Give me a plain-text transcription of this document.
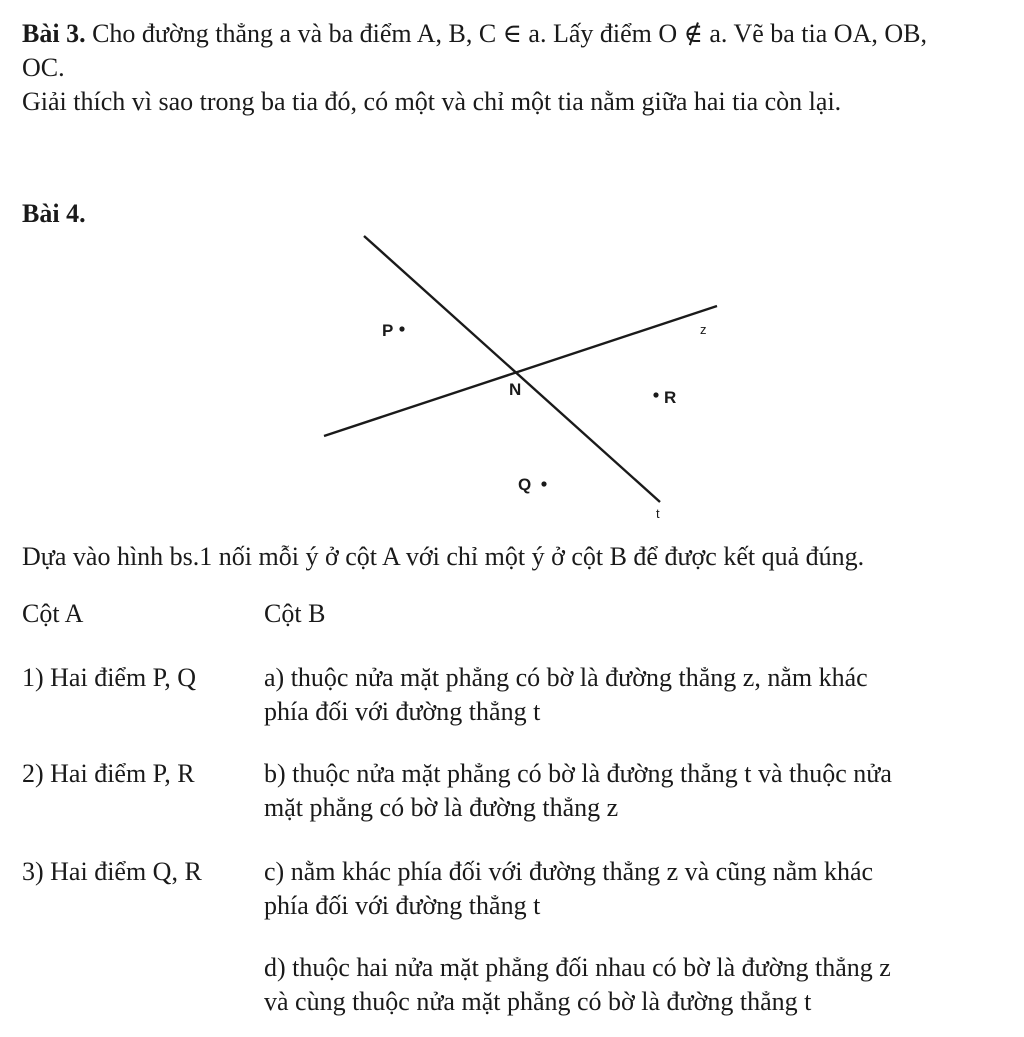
Bài 3. Cho đường thẳng a và ba điểm A, B, C ∈ a. Lấy điểm O ∉ a. Vẽ ba tia OA, OB,
OC.
Giải thích vì sao trong ba tia đó, có một và chỉ một tia nằm giữa hai tia còn lại.
Bài 4.
P
N	R
Q
z
t
Dựa vào hình bs.1 nối mỗi ý ở cột A với chỉ một ý ở cột B để được kết quả đúng.
Cột A	Cột B
1) Hai điểm P, Q	a) thuộc nửa mặt phẳng có bờ là đường thẳng z, nằm khác
phía đối với đường thẳng t
2) Hai điểm P, R	b) thuộc nửa mặt phẳng có bờ là đường thẳng t và thuộc nửa
mặt phẳng có bờ là đường thẳng z
3) Hai điểm Q, R c) nằm khác phía đối với đường thẳng z và cũng nằm khác
phía đối với đường thẳng t
d) thuộc hai nửa mặt phẳng đối nhau có bờ là đường thẳng z
và cùng thuộc nửa mặt phẳng có bờ là đường thẳng t
